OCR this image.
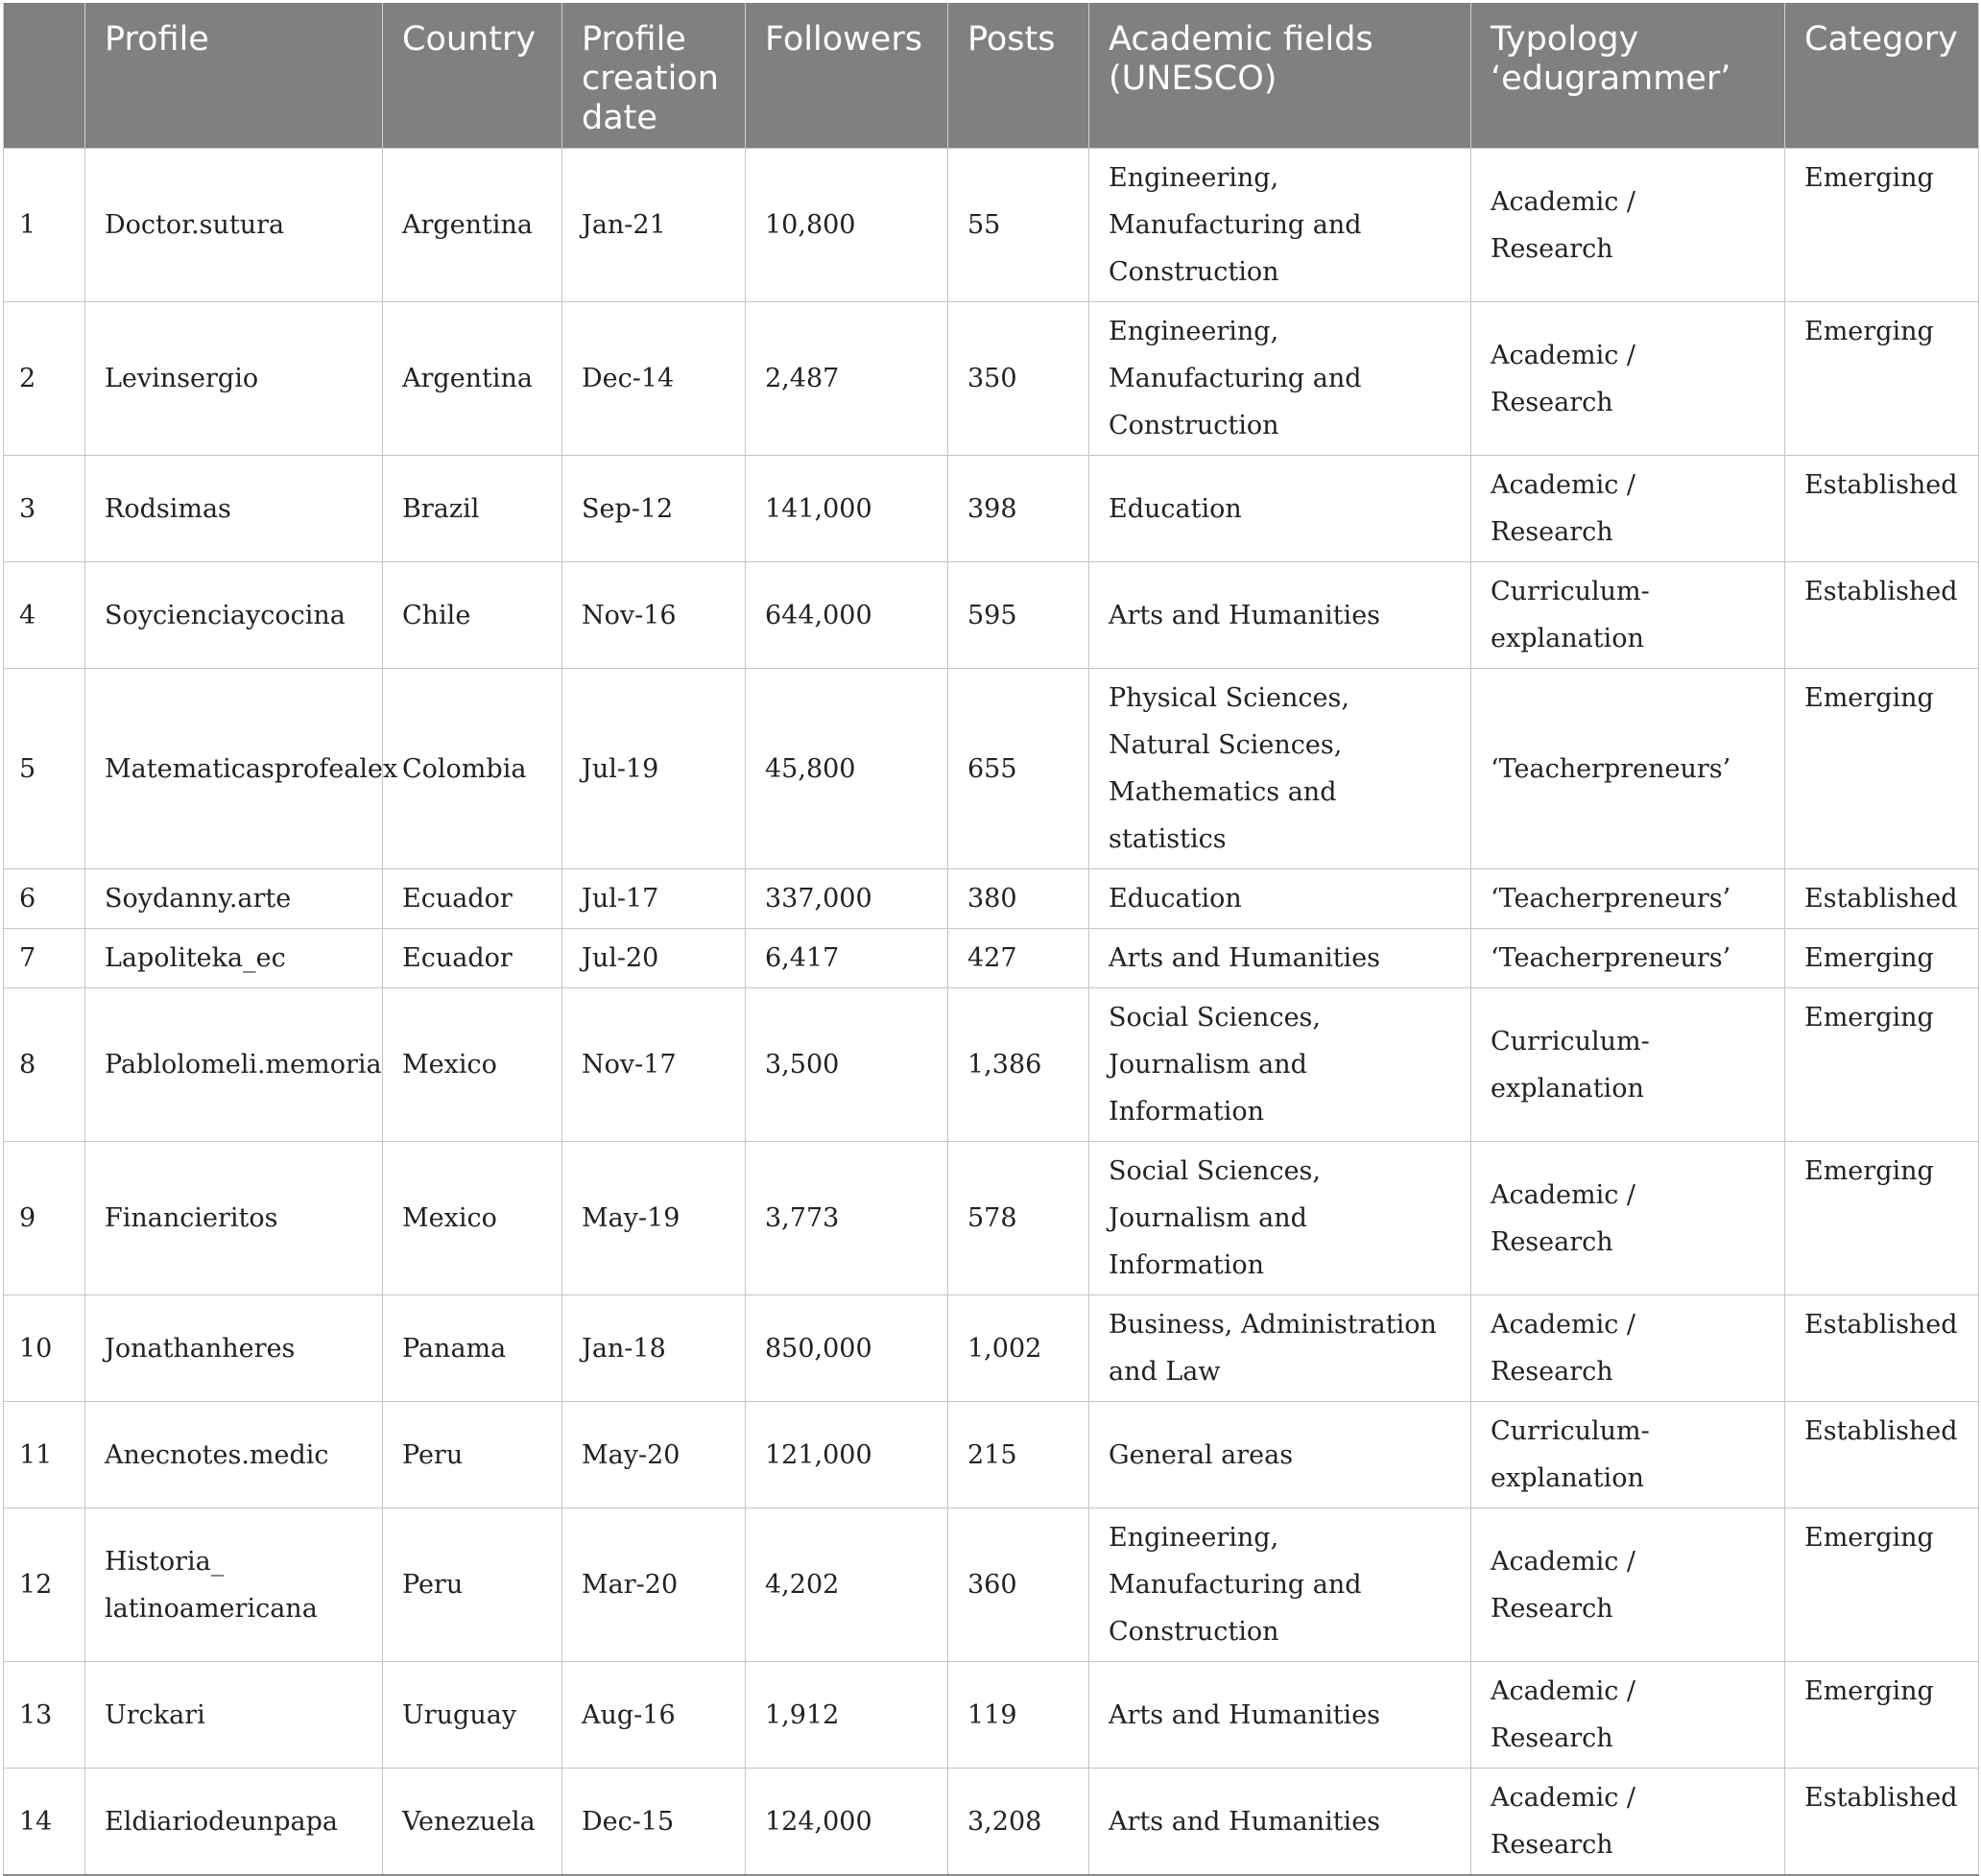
	Profile	Country	Profile creation date	Followers	Posts	Academic fields (UNESCO)	Typology ‘edugrammer’	Category
1	Doctor.sutura	Argentina	Jan-21	10,800	55	Engineering, Manufacturing and Construction	Academic / Research	Emerging
2	Levinsergio	Argentina	Dec-14	2,487	350	Engineering, Manufacturing and Construction	Academic / Research	Emerging
3	Rodsimas	Brazil	Sep-12	141,000	398	Education	Academic / Research	Established
4	Soycienciaycocina	Chile	Nov-16	644,000	595	Arts and Humanities	Curriculum-explanation	Established
5	Matematicasprofealex	Colombia	Jul-19	45,800	655	Physical Sciences, Natural Sciences, Mathematics and statistics	‘Teacherpreneurs’	Emerging
6	Soydanny.arte	Ecuador	Jul-17	337,000	380	Education	‘Teacherpreneurs’	Established
7	Lapoliteka_ec	Ecuador	Jul-20	6,417	427	Arts and Humanities	‘Teacherpreneurs’	Emerging
8	Pablolomeli.memoria	Mexico	Nov-17	3,500	1,386	Social Sciences, Journalism and Information	Curriculum-explanation	Emerging
9	Financieritos	Mexico	May-19	3,773	578	Social Sciences, Journalism and Information	Academic / Research	Emerging
10	Jonathanheres	Panama	Jan-18	850,000	1,002	Business, Administration and Law	Academic / Research	Established
11	Anecnotes.medic	Peru	May-20	121,000	215	General areas	Curriculum-explanation	Established
12	Historia_ latinoamericana	Peru	Mar-20	4,202	360	Engineering, Manufacturing and Construction	Academic / Research	Emerging
13	Urckari	Uruguay	Aug-16	1,912	119	Arts and Humanities	Academic / Research	Emerging
14	Eldiariodeunpapa	Venezuela	Dec-15	124,000	3,208	Arts and Humanities	Academic / Research	Established
